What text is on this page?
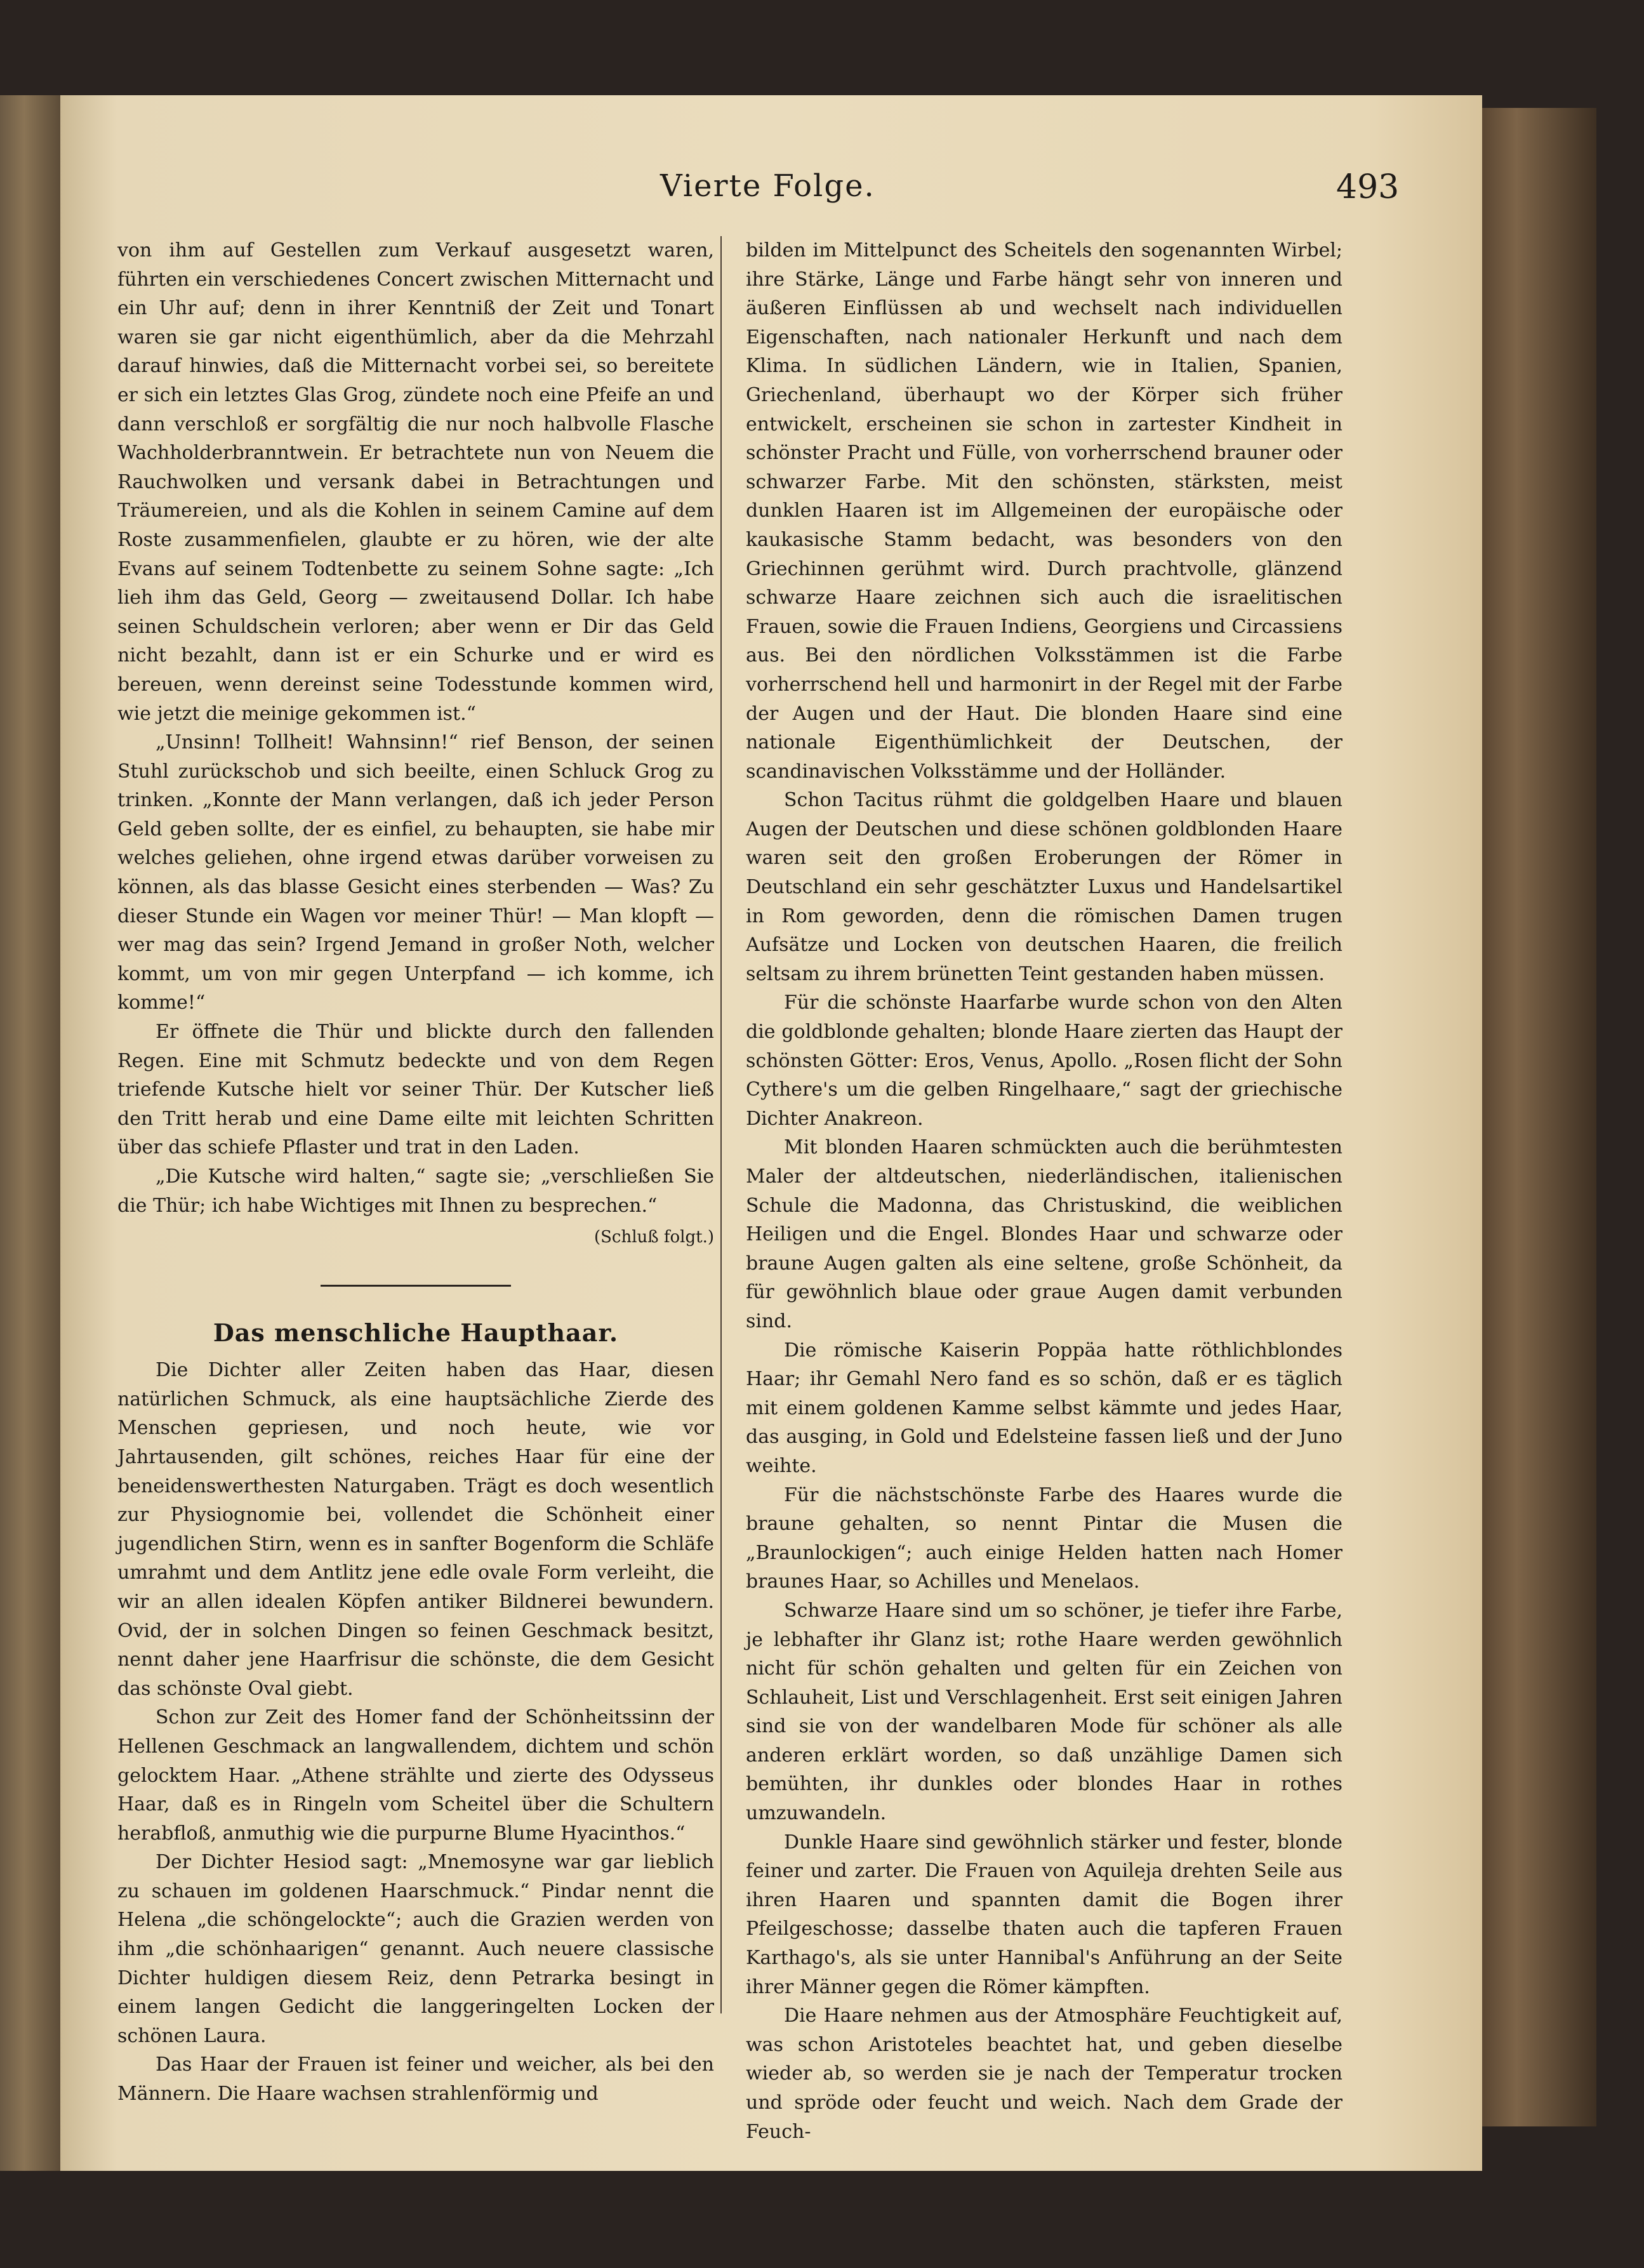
Vierte Folge.	493

von ihm auf Gestellen zum Verkauf ausgesetzt waren, führten ein verschiedenes Concert zwischen Mitternacht und ein Uhr auf; denn in ihrer Kenntniß der Zeit und Tonart waren sie gar nicht eigenthümlich, aber da die Mehrzahl darauf hinwies, daß die Mitternacht vorbei sei, so bereitete er sich ein letztes Glas Grog, zündete noch eine Pfeife an und dann verschloß er sorgfältig die nur noch halbvolle Flasche Wachholderbranntwein. Er betrachtete nun von Neuem die Rauchwolken und versank dabei in Betrachtungen und Träumereien, und als die Kohlen in seinem Camine auf dem Roste zusammenfielen, glaubte er zu hören, wie der alte Evans auf seinem Todtenbette zu seinem Sohne sagte: „Ich lieh ihm das Geld, Georg — zweitausend Dollar. Ich habe seinen Schuldschein verloren; aber wenn er Dir das Geld nicht bezahlt, dann ist er ein Schurke und er wird es bereuen, wenn dereinst seine Todesstunde kommen wird, wie jetzt die meinige gekommen ist.“

„Unsinn! Tollheit! Wahnsinn!“ rief Benson, der seinen Stuhl zurückschob und sich beeilte, einen Schluck Grog zu trinken. „Konnte der Mann verlangen, daß ich jeder Person Geld geben sollte, der es einfiel, zu behaupten, sie habe mir welches geliehen, ohne irgend etwas darüber vorweisen zu können, als das blasse Gesicht eines sterbenden — Was? Zu dieser Stunde ein Wagen vor meiner Thür! — Man klopft — wer mag das sein? Irgend Jemand in großer Noth, welcher kommt, um von mir gegen Unterpfand — ich komme, ich komme!“

Er öffnete die Thür und blickte durch den fallenden Regen. Eine mit Schmutz bedeckte und von dem Regen triefende Kutsche hielt vor seiner Thür. Der Kutscher ließ den Tritt herab und eine Dame eilte mit leichten Schritten über das schiefe Pflaster und trat in den Laden.

„Die Kutsche wird halten,“ sagte sie; „verschließen Sie die Thür; ich habe Wichtiges mit Ihnen zu besprechen.“

(Schluß folgt.)

Das menschliche Haupthaar.

Die Dichter aller Zeiten haben das Haar, diesen natürlichen Schmuck, als eine hauptsächliche Zierde des Menschen gepriesen, und noch heute, wie vor Jahrtausenden, gilt schönes, reiches Haar für eine der beneidenswerthesten Naturgaben. Trägt es doch wesentlich zur Physiognomie bei, vollendet die Schönheit einer jugendlichen Stirn, wenn es in sanfter Bogenform die Schläfe umrahmt und dem Antlitz jene edle ovale Form verleiht, die wir an allen idealen Köpfen antiker Bildnerei bewundern. Ovid, der in solchen Dingen so feinen Geschmack besitzt, nennt daher jene Haarfrisur die schönste, die dem Gesicht das schönste Oval giebt.

Schon zur Zeit des Homer fand der Schönheitssinn der Hellenen Geschmack an langwallendem, dichtem und schön gelocktem Haar. „Athene strählte und zierte des Odysseus Haar, daß es in Ringeln vom Scheitel über die Schultern herabfloß, anmuthig wie die purpurne Blume Hyacinthos.“

Der Dichter Hesiod sagt: „Mnemosyne war gar lieblich zu schauen im goldenen Haarschmuck.“ Pindar nennt die Helena „die schöngelockte“; auch die Grazien werden von ihm „die schönhaarigen“ genannt. Auch neuere classische Dichter huldigen diesem Reiz, denn Petrarka besingt in einem langen Gedicht die langgeringelten Locken der schönen Laura.

Das Haar der Frauen ist feiner und weicher, als bei den Männern. Die Haare wachsen strahlenförmig und

bilden im Mittelpunct des Scheitels den sogenannten Wirbel; ihre Stärke, Länge und Farbe hängt sehr von inneren und äußeren Einflüssen ab und wechselt nach individuellen Eigenschaften, nach nationaler Herkunft und nach dem Klima. In südlichen Ländern, wie in Italien, Spanien, Griechenland, überhaupt wo der Körper sich früher entwickelt, erscheinen sie schon in zartester Kindheit in schönster Pracht und Fülle, von vorherrschend brauner oder schwarzer Farbe. Mit den schönsten, stärksten, meist dunklen Haaren ist im Allgemeinen der europäische oder kaukasische Stamm bedacht, was besonders von den Griechinnen gerühmt wird. Durch prachtvolle, glänzend schwarze Haare zeichnen sich auch die israelitischen Frauen, sowie die Frauen Indiens, Georgiens und Circassiens aus. Bei den nördlichen Volksstämmen ist die Farbe vorherrschend hell und harmonirt in der Regel mit der Farbe der Augen und der Haut. Die blonden Haare sind eine nationale Eigenthümlichkeit der Deutschen, der scandinavischen Volksstämme und der Holländer.

Schon Tacitus rühmt die goldgelben Haare und blauen Augen der Deutschen und diese schönen goldblonden Haare waren seit den großen Eroberungen der Römer in Deutschland ein sehr geschätzter Luxus und Handelsartikel in Rom geworden, denn die römischen Damen trugen Aufsätze und Locken von deutschen Haaren, die freilich seltsam zu ihrem brünetten Teint gestanden haben müssen.

Für die schönste Haarfarbe wurde schon von den Alten die goldblonde gehalten; blonde Haare zierten das Haupt der schönsten Götter: Eros, Venus, Apollo. „Rosen flicht der Sohn Cythere's um die gelben Ringelhaare,“ sagt der griechische Dichter Anakreon.

Mit blonden Haaren schmückten auch die berühmtesten Maler der altdeutschen, niederländischen, italienischen Schule die Madonna, das Christuskind, die weiblichen Heiligen und die Engel. Blondes Haar und schwarze oder braune Augen galten als eine seltene, große Schönheit, da für gewöhnlich blaue oder graue Augen damit verbunden sind.

Die römische Kaiserin Poppäa hatte röthlichblondes Haar; ihr Gemahl Nero fand es so schön, daß er es täglich mit einem goldenen Kamme selbst kämmte und jedes Haar, das ausging, in Gold und Edelsteine fassen ließ und der Juno weihte.

Für die nächstschönste Farbe des Haares wurde die braune gehalten, so nennt Pintar die Musen die „Braunlockigen“; auch einige Helden hatten nach Homer braunes Haar, so Achilles und Menelaos.

Schwarze Haare sind um so schöner, je tiefer ihre Farbe, je lebhafter ihr Glanz ist; rothe Haare werden gewöhnlich nicht für schön gehalten und gelten für ein Zeichen von Schlauheit, List und Verschlagenheit. Erst seit einigen Jahren sind sie von der wandelbaren Mode für schöner als alle anderen erklärt worden, so daß unzählige Damen sich bemühten, ihr dunkles oder blondes Haar in rothes umzuwandeln.

Dunkle Haare sind gewöhnlich stärker und fester, blonde feiner und zarter. Die Frauen von Aquileja drehten Seile aus ihren Haaren und spannten damit die Bogen ihrer Pfeilgeschosse; dasselbe thaten auch die tapferen Frauen Karthago's, als sie unter Hannibal's Anführung an der Seite ihrer Männer gegen die Römer kämpften.

Die Haare nehmen aus der Atmosphäre Feuchtigkeit auf, was schon Aristoteles beachtet hat, und geben dieselbe wieder ab, so werden sie je nach der Temperatur trocken und spröde oder feucht und weich. Nach dem Grade der Feuch-
